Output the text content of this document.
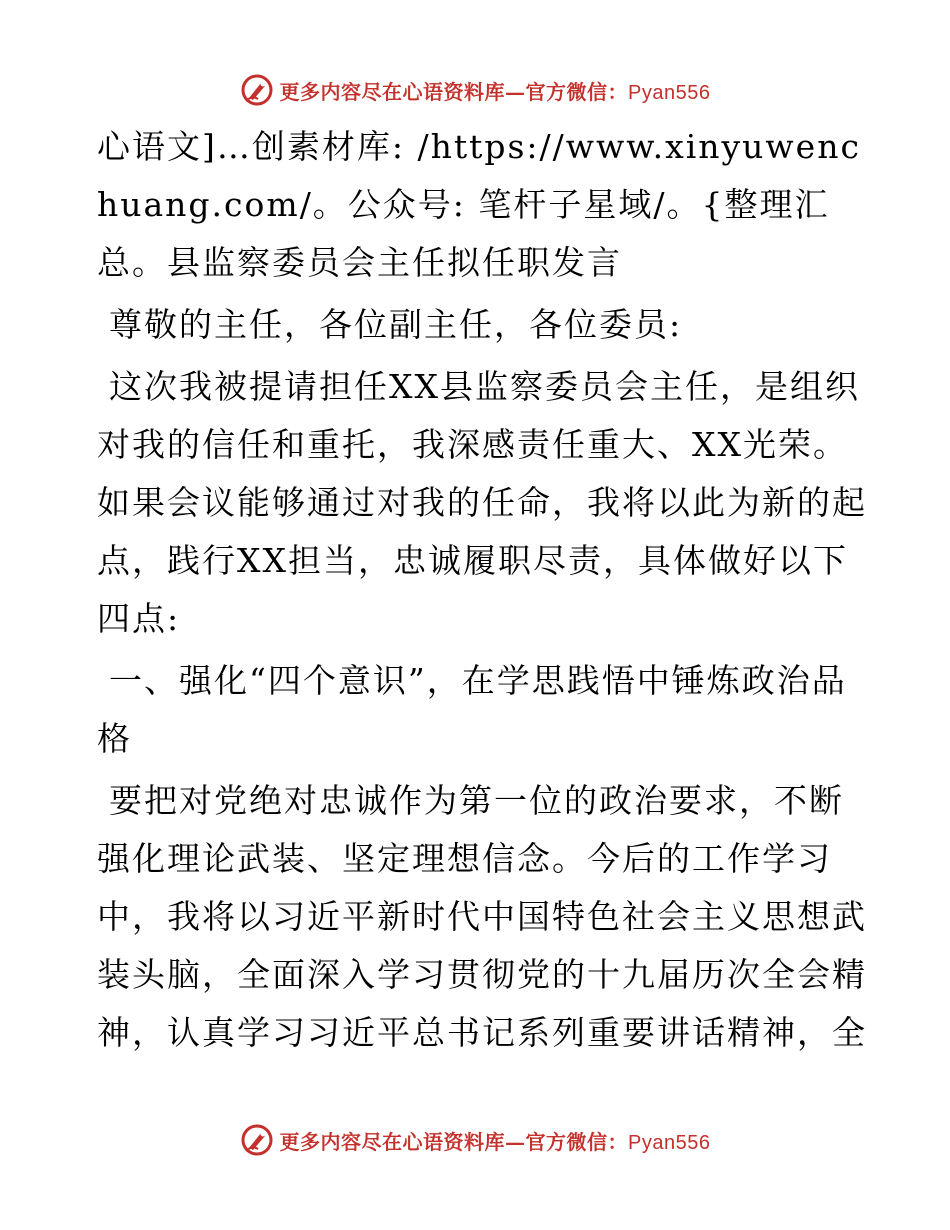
更多内容尽在心语资料库—官方微信：Pyan556

心语文]…创素材库: /https://www.xinyuwenchuang.com/。公众号: 笔杆子星域/。{整理汇总。县监察委员会主任拟任职发言

尊敬的主任，各位副主任，各位委员:

这次我被提请担任XX县监察委员会主任，是组织对我的信任和重托，我深感责任重大、XX光荣。如果会议能够通过对我的任命，我将以此为新的起点，践行XX担当，忠诚履职尽责，具体做好以下四点:

一、强化“四个意识”，在学思践悟中锤炼政治品格

要把对党绝对忠诚作为第一位的政治要求，不断强化理论武装、坚定理想信念。今后的工作学习中，我将以习近平新时代中国特色社会主义思想武装头脑，全面深入学习贯彻党的十九届历次全会精神，认真学习习近平总书记系列重要讲话精神，全

更多内容尽在心语资料库—官方微信：Pyan556
